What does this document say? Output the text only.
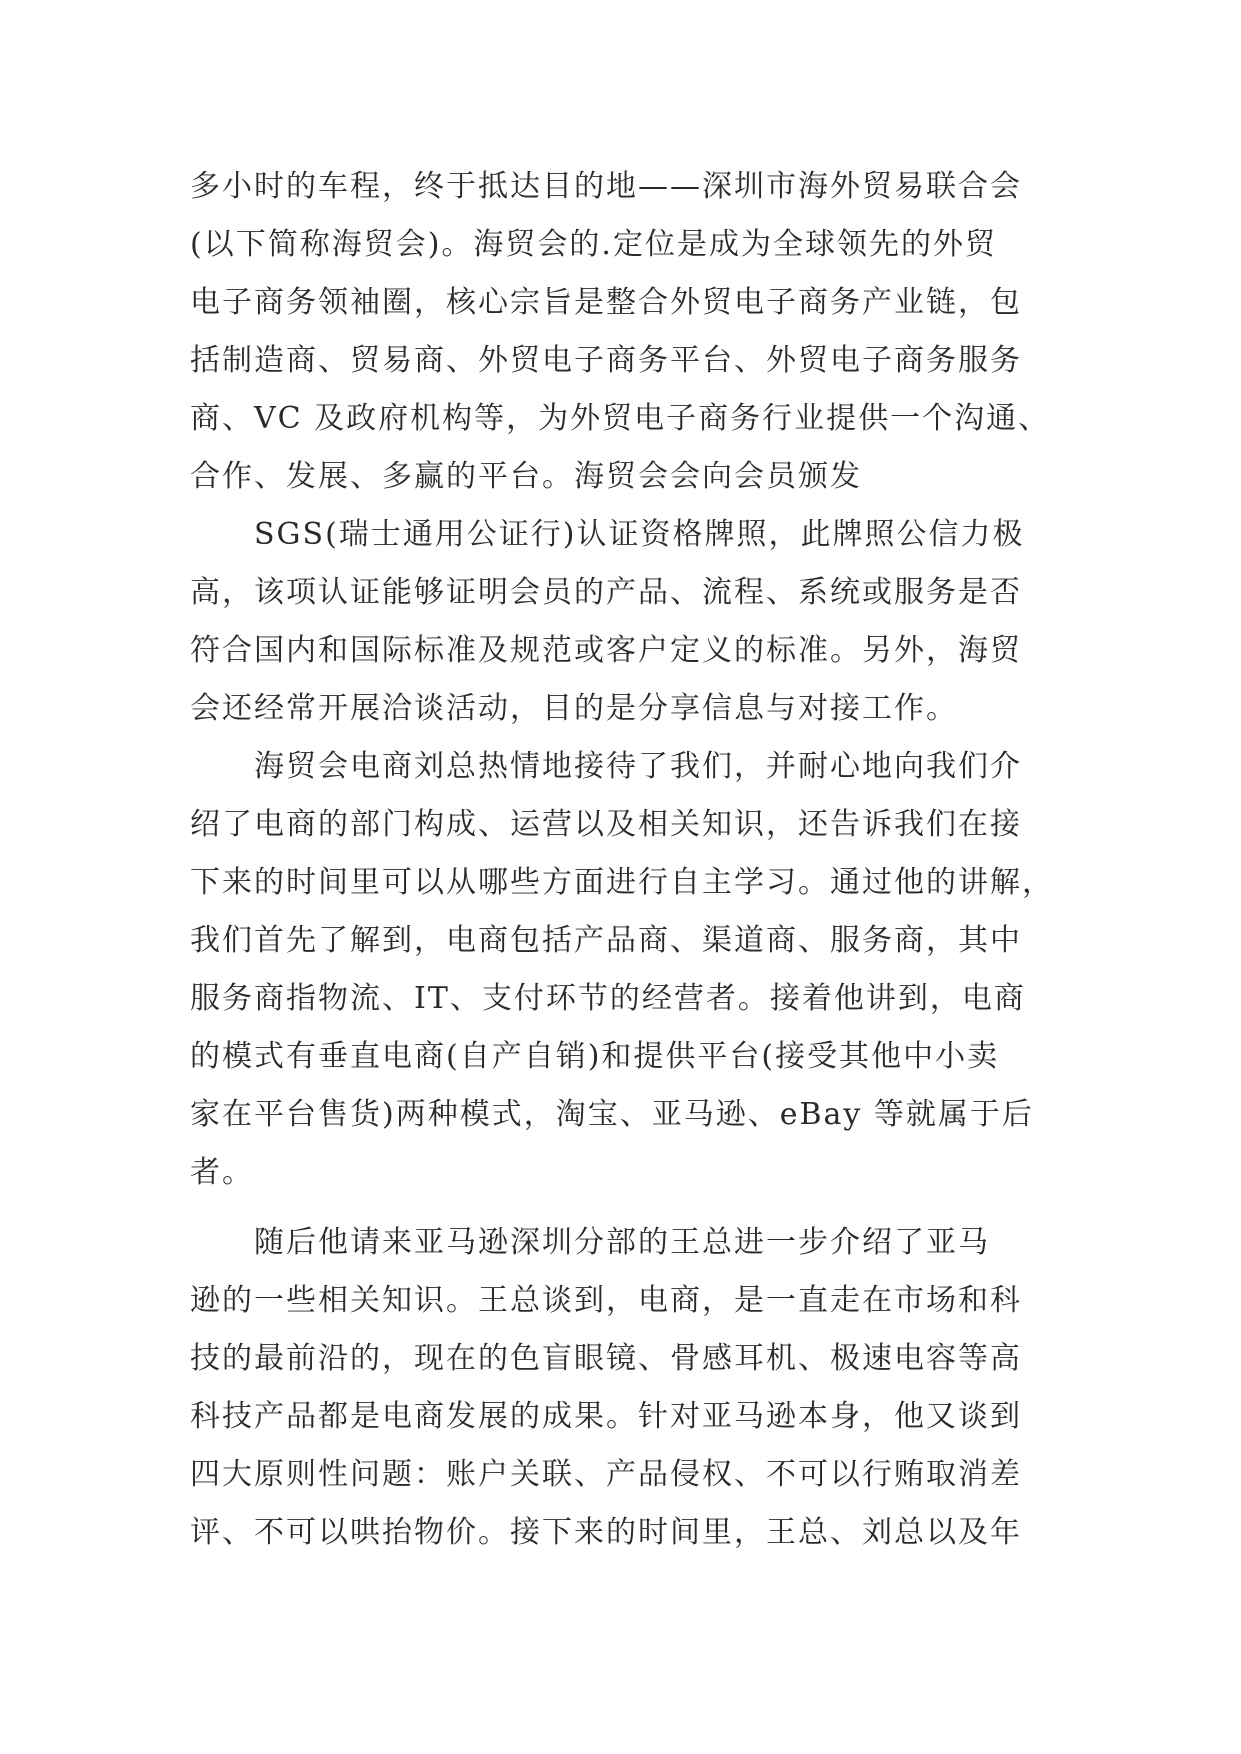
多小时的车程，终于抵达目的地——深圳市海外贸易联合会
(以下简称海贸会)。海贸会的.定位是成为全球领先的外贸
电子商务领袖圈，核心宗旨是整合外贸电子商务产业链，包
括制造商、贸易商、外贸电子商务平台、外贸电子商务服务
商、VC 及政府机构等，为外贸电子商务行业提供一个沟通、
合作、发展、多赢的平台。海贸会会向会员颁发
SGS(瑞士通用公证行)认证资格牌照，此牌照公信力极
高，该项认证能够证明会员的产品、流程、系统或服务是否
符合国内和国际标准及规范或客户定义的标准。另外，海贸
会还经常开展洽谈活动，目的是分享信息与对接工作。
海贸会电商刘总热情地接待了我们，并耐心地向我们介
绍了电商的部门构成、运营以及相关知识，还告诉我们在接
下来的时间里可以从哪些方面进行自主学习。通过他的讲解，
我们首先了解到，电商包括产品商、渠道商、服务商，其中
服务商指物流、IT、支付环节的经营者。接着他讲到，电商
的模式有垂直电商(自产自销)和提供平台(接受其他中小卖
家在平台售货)两种模式，淘宝、亚马逊、eBay 等就属于后
者。
随后他请来亚马逊深圳分部的王总进一步介绍了亚马
逊的一些相关知识。王总谈到，电商，是一直走在市场和科
技的最前沿的，现在的色盲眼镜、骨感耳机、极速电容等高
科技产品都是电商发展的成果。针对亚马逊本身，他又谈到
四大原则性问题：账户关联、产品侵权、不可以行贿取消差
评、不可以哄抬物价。接下来的时间里，王总、刘总以及年
